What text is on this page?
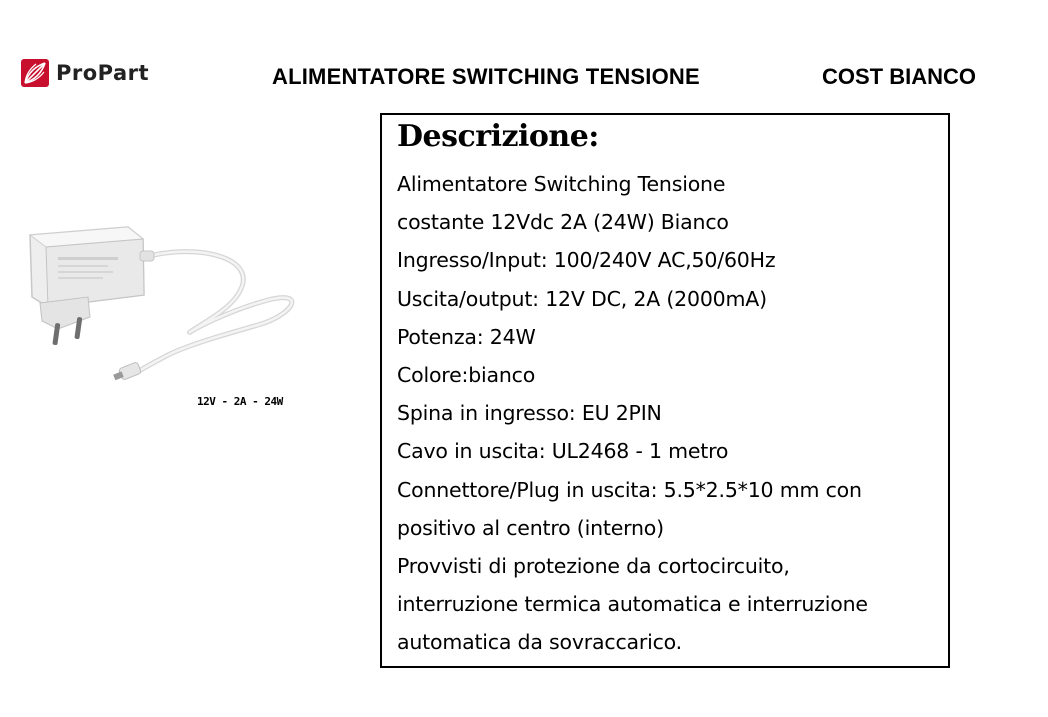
ProPart	ALIMENTATORE SWITCHING TENSIONE	COST BIANCO
12V - 2A - 24W
Descrizione:
Alimentatore Switching Tensione
costante 12Vdc 2A (24W) Bianco
Ingresso/Input: 100/240V AC,50/60Hz
Uscita/output: 12V DC, 2A (2000mA)
Potenza: 24W
Colore:bianco
Spina in ingresso: EU 2PIN
Cavo in uscita: UL2468 - 1 metro
Connettore/Plug in uscita: 5.5*2.5*10 mm con
positivo al centro (interno)
Provvisti di protezione da cortocircuito,
interruzione termica automatica e interruzione
automatica da sovraccarico.
